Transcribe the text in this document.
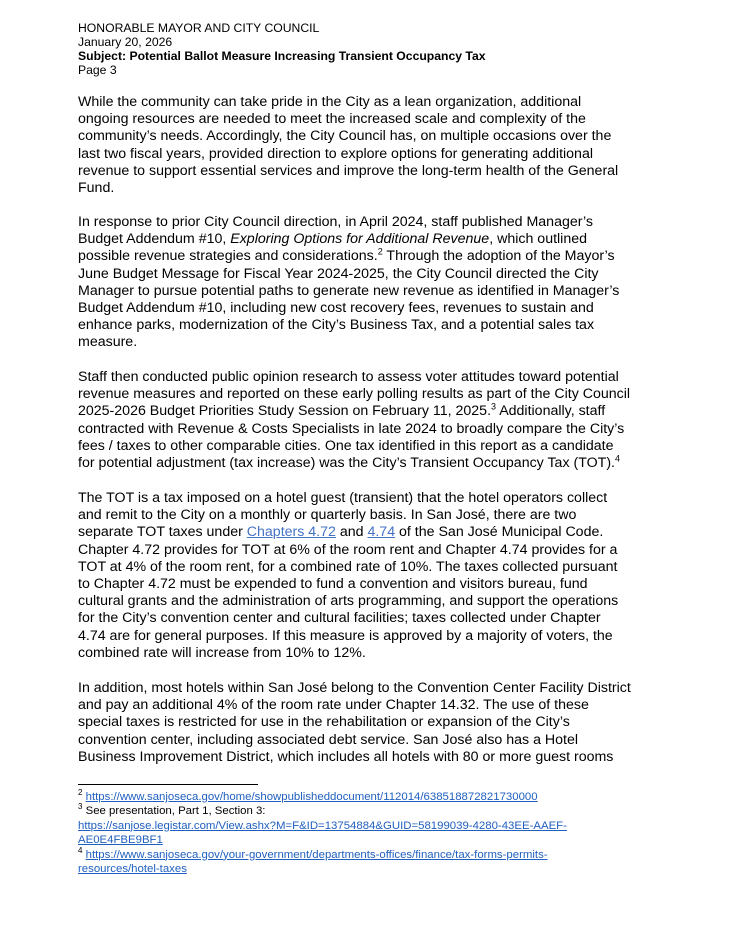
HONORABLE MAYOR AND CITY COUNCIL
January 20, 2026
Subject: Potential Ballot Measure Increasing Transient Occupancy Tax
Page 3
While the community can take pride in the City as a lean organization, additional
ongoing resources are needed to meet the increased scale and complexity of the
community’s needs. Accordingly, the City Council has, on multiple occasions over the
last two fiscal years, provided direction to explore options for generating additional
revenue to support essential services and improve the long-term health of the General
Fund.
In response to prior City Council direction, in April 2024, staff published Manager’s
Budget Addendum #10, Exploring Options for Additional Revenue, which outlined
possible revenue strategies and considerations.$^2$ Through the adoption of the Mayor’s
June Budget Message for Fiscal Year 2024-2025, the City Council directed the City
Manager to pursue potential paths to generate new revenue as identified in Manager’s
Budget Addendum #10, including new cost recovery fees, revenues to sustain and
enhance parks, modernization of the City’s Business Tax, and a potential sales tax
measure.
Staff then conducted public opinion research to assess voter attitudes toward potential
revenue measures and reported on these early polling results as part of the City Council
2025-2026 Budget Priorities Study Session on February 11, 2025.$^3$ Additionally, staff
contracted with Revenue & Costs Specialists in late 2024 to broadly compare the City’s
fees / taxes to other comparable cities. One tax identified in this report as a candidate
for potential adjustment (tax increase) was the City’s Transient Occupancy Tax (TOT).$^4$
The TOT is a tax imposed on a hotel guest (transient) that the hotel operators collect
and remit to the City on a monthly or quarterly basis. In San José, there are two
separate TOT taxes under Chapters 4.72 and 4.74 of the San José Municipal Code.
Chapter 4.72 provides for TOT at 6% of the room rent and Chapter 4.74 provides for a
TOT at 4% of the room rent, for a combined rate of 10%. The taxes collected pursuant
to Chapter 4.72 must be expended to fund a convention and visitors bureau, fund
cultural grants and the administration of arts programming, and support the operations
for the City’s convention center and cultural facilities; taxes collected under Chapter
4.74 are for general purposes. If this measure is approved by a majority of voters, the
combined rate will increase from 10% to 12%.
In addition, most hotels within San José belong to the Convention Center Facility District
and pay an additional 4% of the room rate under Chapter 14.32. The use of these
special taxes is restricted for use in the rehabilitation or expansion of the City’s
convention center, including associated debt service. San José also has a Hotel
Business Improvement District, which includes all hotels with 80 or more guest rooms
$^2$ https://www.sanjoseca.gov/home/showpublisheddocument/112014/638518872821730000
$^3$ See presentation, Part 1, Section 3:
https://sanjose.legistar.com/View.ashx?M=F&ID=13754884&GUID=58199039-4280-43EE-AAEF-
AE0E4FBE9BF1
$^4$ https://www.sanjoseca.gov/your-government/departments-offices/finance/tax-forms-permits-
resources/hotel-taxes
